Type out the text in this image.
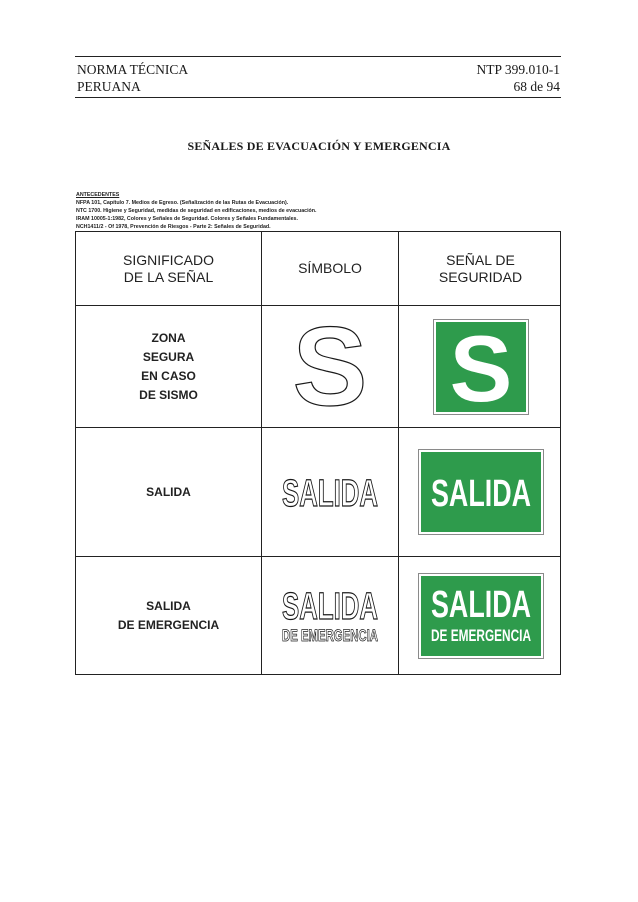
NORMA TÉCNICA
PERUANA
NTP 399.010-1
68 de 94
SEÑALES DE EVACUACIÓN Y EMERGENCIA
ANTECEDENTES
NFPA 101, Capítulo 7. Medios de Egreso. (Señalización de las Rutas de Evacuación).
NTC 1700. Higiene y Seguridad, medidas de seguridad en edificaciones, medios de evacuación.
IRAM 10005-1:1982, Colores y Señales de Seguridad. Colores y Señales Fundamentales.
NCH1411/2 - Of 1978, Prevención de Riesgos - Parte 2: Señales de Seguridad.
SIGNIFICADO
DE LA SEÑAL
SÍMBOLO
SEÑAL DE
SEGURIDAD
ZONA
SEGURA
EN CASO
DE SISMO S S
SALIDA	SALIDA SALIDA
SALIDA
DE EMERGENCIA	SALIDA
DE EMERGENCIA
SALIDA
DE EMERGENCIA
